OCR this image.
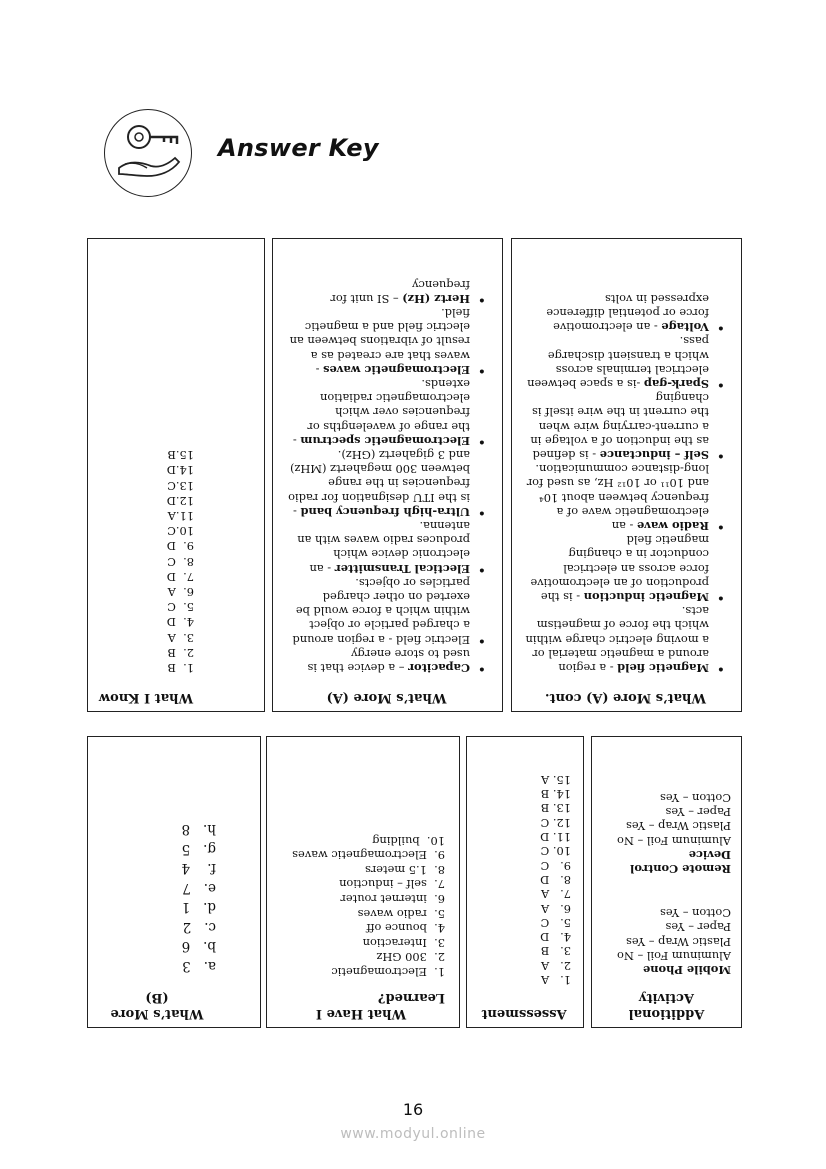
Answer Key
What I Know
1.  B
2.  B
3.  A
4.  D
5.  C
6.  A
7.  D
8.  C
9.  D
10.C
11.A
12.D
13.C
14.D
15.B
What’s More (A)
• Capacitor – a device that is used to store energy
• Electric field - a region around a charged particle or object within which a force would be exerted on other charged particles or objects.
• Electical Transmitter - an electronic device which produces radio waves with an antenna.
• Ultra-high frequency band - is the ITU designation for radio frequencies in the range between 300 megahertz (MHz) and 3 gigahertz (GHz).
• Electromagnetic spectrum - the range of wavelengths or frequencies over which electromagnetic radiation extends.
• Electromagnetic waves - waves that are created as a result of vibrations between an electric field and a magnetic field.
• Hertz (Hz) – SI unit for frequency
What’s More (A) cont.
• Magnetic field - a region around a magnetic material or a moving electric charge within which the force of magnetism acts.
• Magnetic induction - is the production of an electromotive force across an electrical conductor in a changing magnetic field
• Radio wave - an electromagnetic wave of a frequency between about 10⁴ and 10¹¹ or 10¹² Hz, as used for long-distance communication.
• Self – inductance - is defined as the induction of a voltage in a current-carrying wire when the current in the wire itself is changing
• Spark-gap -is a space between electrical terminals across which a transient discharge pass.
• Voltage - an electromotive force or potential difference expressed in volts
What’s More (B)
a.   3
b.   6
c.   2
d.   1
e.   7
f.    4
g.   5
h.   8
What Have I
Learned?
1.  Electromagnetic
2.  300 GHz
3.  Interaction
4.  bounce off
5.  radio waves
6.  internet router
7.  self – induction
8.  1.5 meters
9.  Electromagnetic waves
10.  building
Assessment
1.   A
2.   A
3.   B
4.   D
5.   C
6.   A
7.   A
8.   D
9.   C
10. C
11. D
12. C
13. B
14. B
15. A
Additional
Activity
Mobile Phone
Aluminum Foil – No
Plastic Wrap – Yes
Paper – Yes
Cotton – Yes
Remote Control
Device
Aluminum Foil – No
Plastic Wrap – Yes
Paper – Yes
Cotton – Yes
16
www.modyul.online
